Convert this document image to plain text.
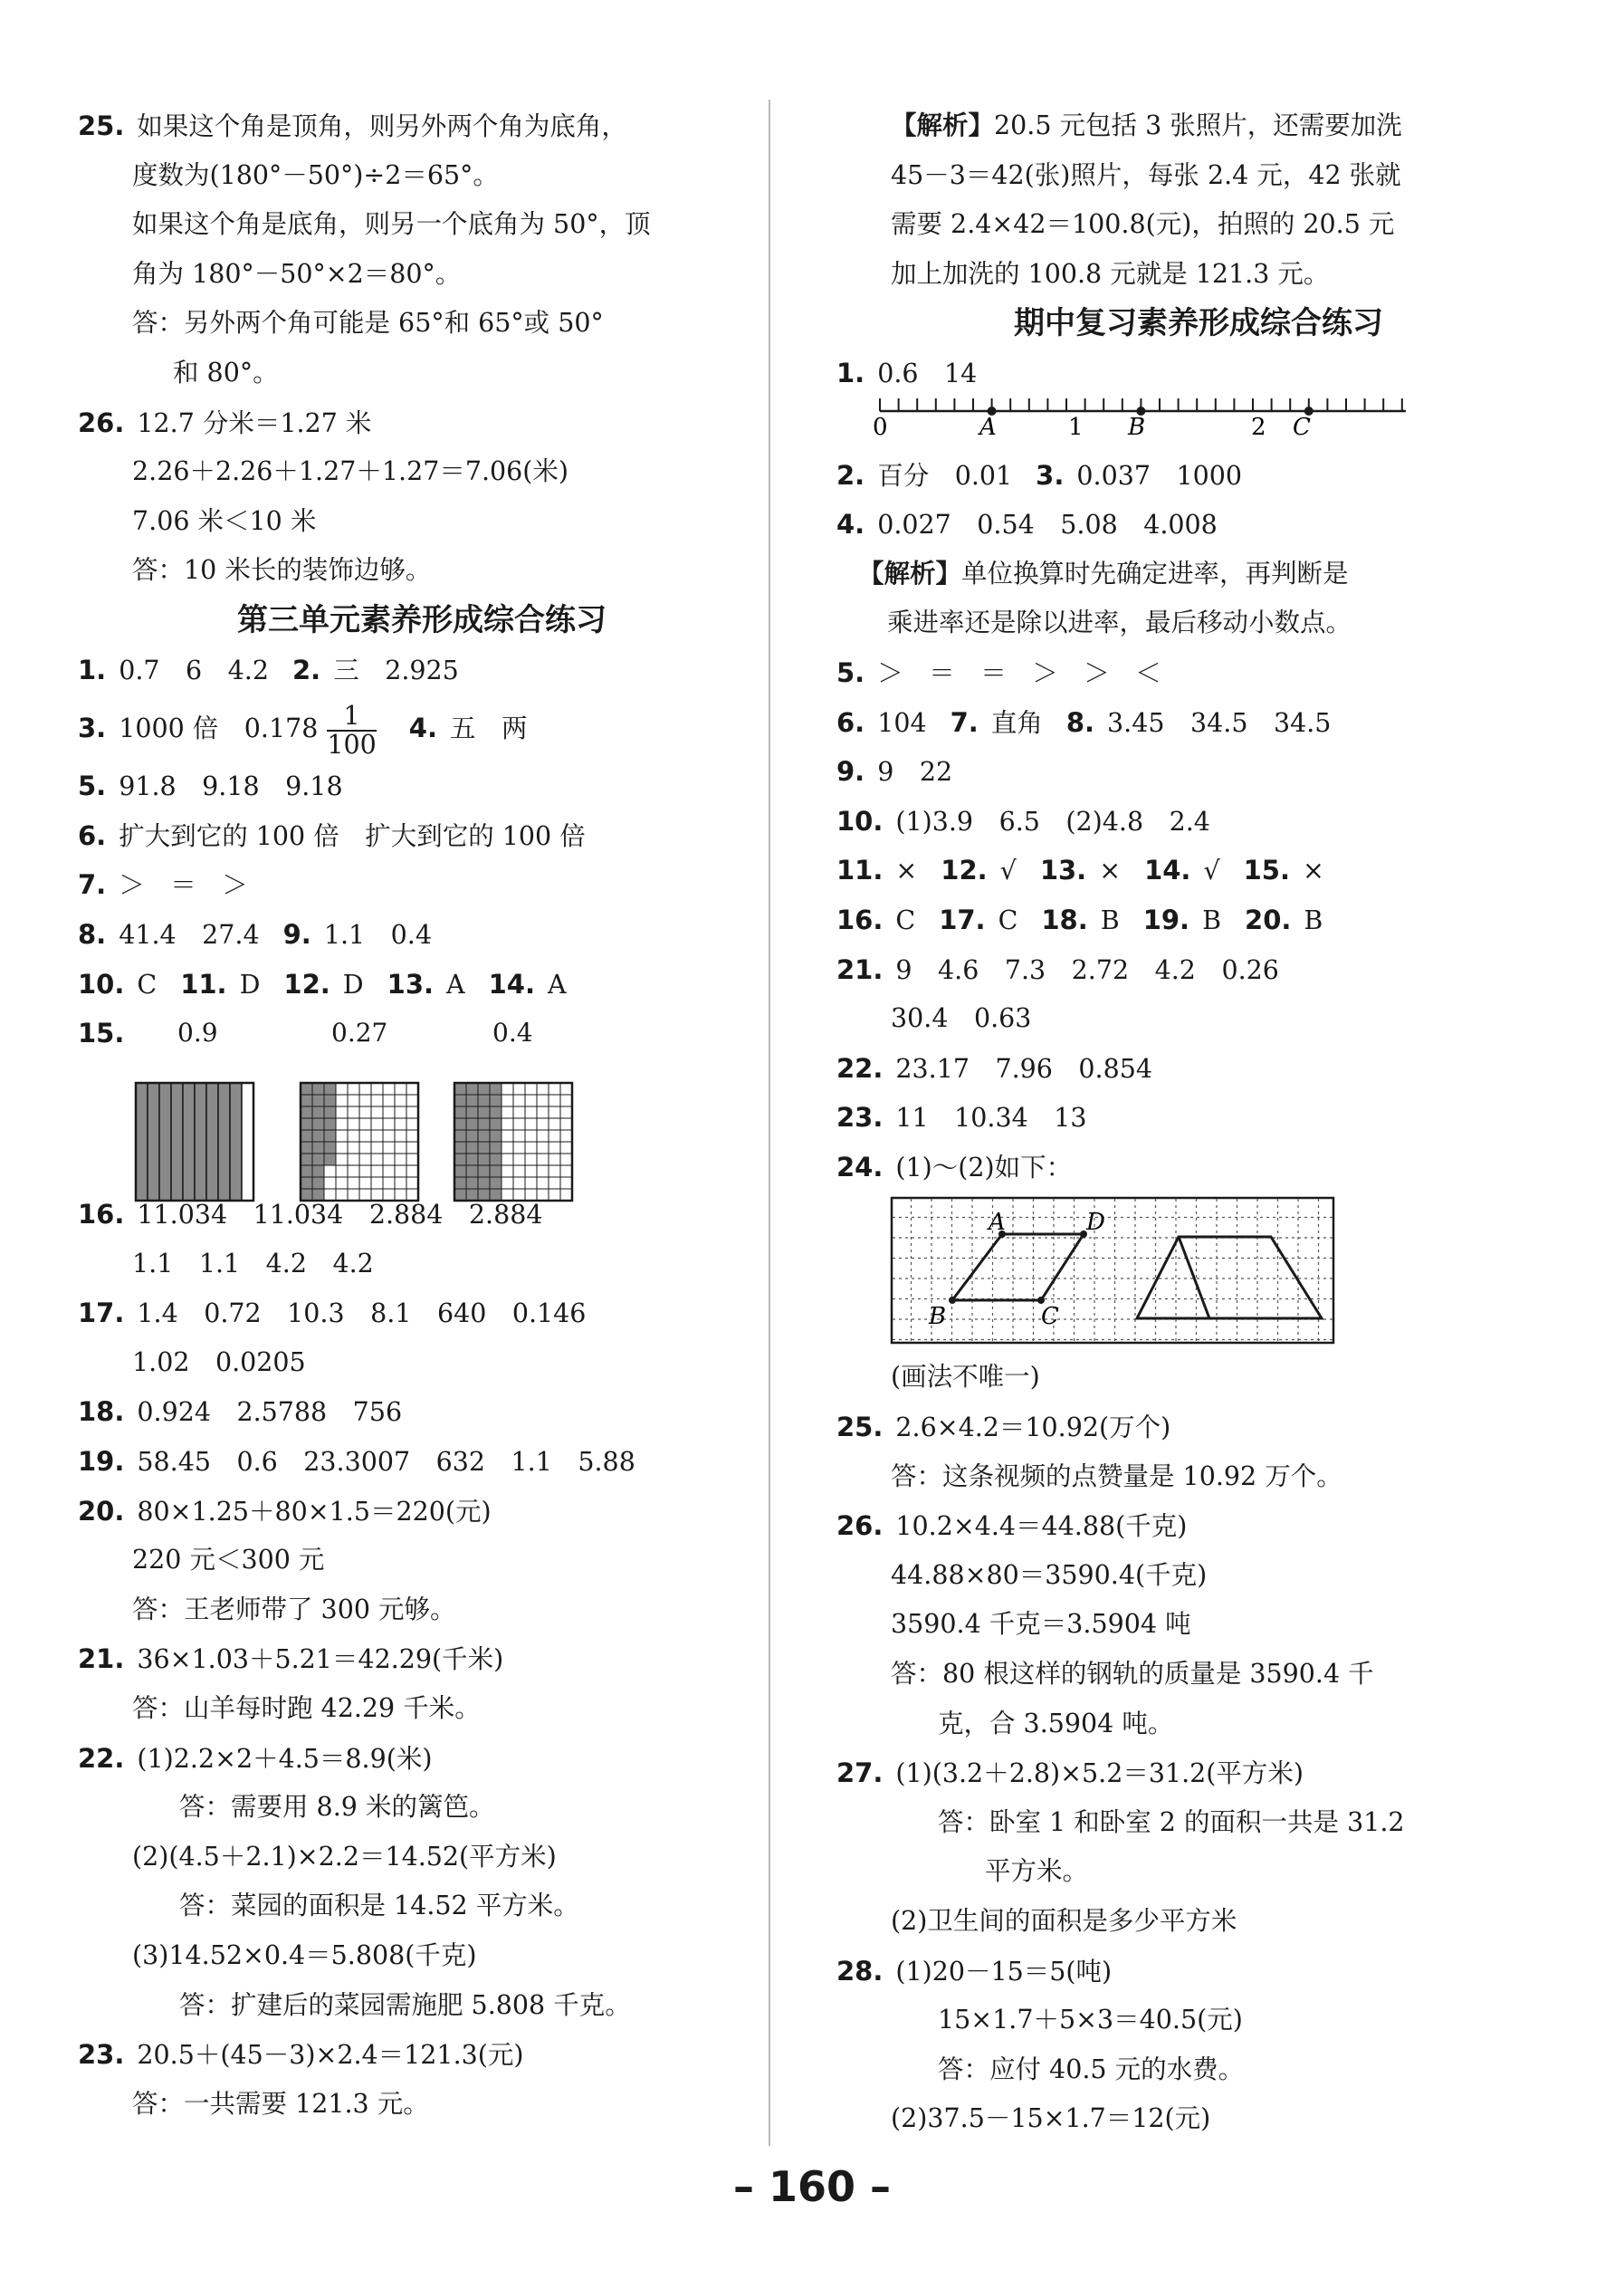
25. 如果这个角是顶角，则另外两个角为底角，
度数为(180°－50°)÷2＝65°。
如果这个角是底角，则另一个底角为 50°，顶
角为 180°－50°×2＝80°。
答：另外两个角可能是 65°和 65°或 50°
和 80°。
26. 12.7 分米＝1.27 米
2.26＋2.26＋1.27＋1.27＝7.06(米)
7.06 米＜10 米
答：10 米长的装饰边够。
第三单元素养形成综合练习
1. 0.7　6　4.2 2. 三　2.925
3. 1000 倍　$0.178 \frac{1}{100} 4$. 五　两
5. 91.8　9.18　9.18
6. 扩大到它的 100 倍　扩大到它的 100 倍
7. ＞　＝　＞
8. 41.4　27.4 9. 1.1　0.4
10. C 11. D 12. D 13. A 14. A
15. 0.9	0.27	0.4
16. 11.034　11.034　2.884　2.884
1.1　1.1　4.2　4.2
17. 1.4　0.72　10.3　8.1　640　0.146
1.02　0.0205
18. 0.924　2.5788　756
19. 58.45　0.6　23.3007　632　1.1　5.88
20. 80×1.25＋80×1.5＝220(元)
220 元＜300 元
答：王老师带了 300 元够。
21. 36×1.03＋5.21＝42.29(千米)
答：山羊每时跑 42.29 千米。
22. (1)2.2×2＋4.5＝8.9(米)
答：需要用 8.9 米的篱笆。
(2)(4.5＋2.1)×2.2＝14.52(平方米)
答：菜园的面积是 14.52 平方米。
(3)14.52×0.4＝5.808(千克)
答：扩建后的菜园需施肥 5.808 千克。
23. 20.5＋(45－3)×2.4＝121.3(元)
答：一共需要 121.3 元。
【解析】20.5 元包括 3 张照片，还需要加洗
45－3＝42(张)照片，每张 2.4 元，42 张就
需要 2.4×42＝100.8(元)，拍照的 20.5 元
加上加洗的 100.8 元就是 121.3 元。
期中复习素养形成综合练习
1. 0.6　14
0	A	1 B	2 C
2. 百分　0.01 3. 0.037　1000
4. 0.027　0.54　5.08　4.008
【解析】单位换算时先确定进率，再判断是
乘进率还是除以进率，最后移动小数点。
5. ＞　＝　＝　＞　＞　＜
6. 104 7. 直角 8. 3.45　34.5　34.5
9. 9　22
10. (1)3.9　6.5　(2)4.8　2.4
11. × 12. √ 13. × 14. √ 15. ×
16. C 17. C 18. B 19. B 20. B
21. 9　4.6　7.3　2.72　4.2　0.26
30.4　0.63
22. 23.17　7.96　0.854
23. 11　10.34　13
24. (1)～(2)如下：
A	D
B	C
(画法不唯一)
25. 2.6×4.2＝10.92(万个)
答：这条视频的点赞量是 10.92 万个。
26. 10.2×4.4＝44.88(千克)
44.88×80＝3590.4(千克)
3590.4 千克＝3.5904 吨
答：80 根这样的钢轨的质量是 3590.4 千
克，合 3.5904 吨。
27. (1)(3.2＋2.8)×5.2＝31.2(平方米)
答：卧室 1 和卧室 2 的面积一共是 31.2
平方米。
(2)卫生间的面积是多少平方米
28. (1)20－15＝5(吨)
15×1.7＋5×3＝40.5(元)
答：应付 40.5 元的水费。
(2)37.5－15×1.7＝12(元)
– 160 –
